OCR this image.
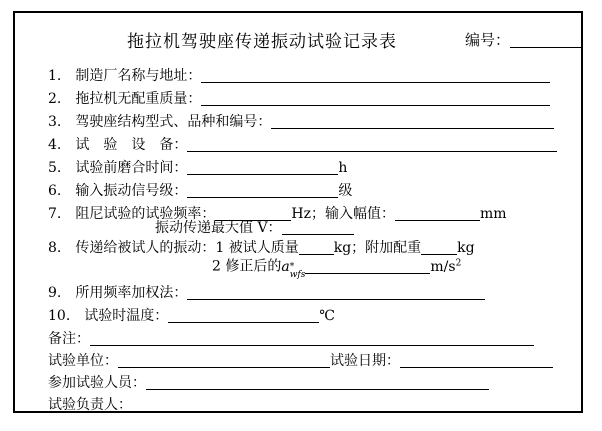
拖拉机驾驶座传递振动试验记录表	编号：
1.　制造厂名称与地址：
2.　拖拉机无配重质量：
3.　驾驶座结构型式、品种和编号：
4.　试　验　设　备：
5.　试验前磨合时间：	h
6.　输入振动信号级：	级
7.　阻尼试验的试验频率：	Hz；输入幅值：	mm
振动传递最大值 V：
8.　传递给被试人的振动：1 被试人质量	kg；附加配重	kg
2 修正后的a *
wfs	$m/s^2$
9.　所用频率加权法：
10.　试验时温度：	℃
备注：
试验单位：	试验日期：
参加试验人员：
试验负责人：
